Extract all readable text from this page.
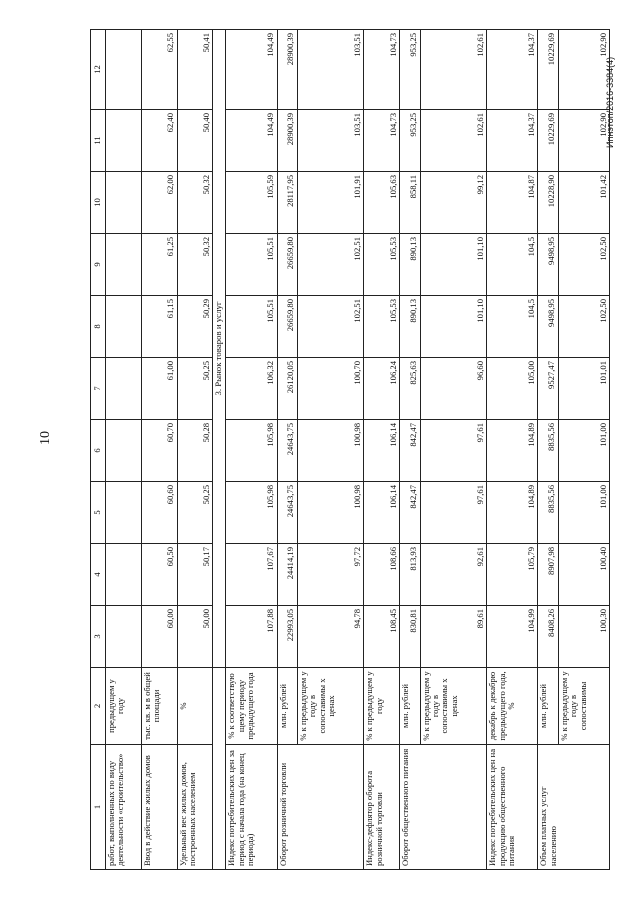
10
Ипнэтоп/2016-3384(4)
1	2	3	4	5	6	7	8	9	10	11	12
работ, выполненных по виду деятельности «строительство»	предыдущем у году										
Ввод в действие жилых домов	тыс. кв. м в общей площади	60,00	60,50	60,60	60,70	61,00	61,15	61,25	62,00	62,40	62,55
Удельный вес жилых домов, построенных населением	%	50,00	50,17	50,25	50,28	50,25	50,29	50,32	50,32	50,40	50,41
		3. Рынок товаров и услуг									
Индекс потребительских цен за период с начала года (на конец периода)	% к соответствую щему периоду предыдущего года	107,88	107,67	105,98	105,98	106,32	105,51	105,51	105,59	104,49	104,49
Оборот розничной торговли	млн. рублей	22993,05	24414,19	24643,75	24643,75	26120,05	26659,80	26659,80	28117,95	28900,39	28900,39
	% к предыдущем у году в сопоставимы х ценах	94,78	97,72	100,98	100,98	100,70	102,51	102,51	101,91	103,51	103,51
Индекс-дефлятор оборота розничной торговли	% к предыдущем у году	108,45	108,66	106,14	106,14	106,24	105,53	105,53	105,63	104,73	104,73
Оборот общественного питания	млн. рублей	830,81	813,93	842,47	842,47	825,63	890,13	890,13	858,11	953,25	953,25
	% к предыдущем у году в сопоставимы х ценах	89,61	92,61	97,61	97,61	96,60	101,10	101,10	99,12	102,61	102,61
Индекс потребительских цен на продукцию общественного питания	декабрь к декабрю предыдущего года, %	104,99	105,79	104,89	104,89	105,00	104,5	104,5	104,87	104,37	104,37
Объем платных услуг населению	млн. рублей	8408,26	8907,98	8835,56	8835,56	9527,47	9498,95	9498,95	10228,90	10229,69	10229,69
	% к предыдущем у году в сопоставимы	100,30	100,40	101,00	101,00	101,01	102,50	102,50	101,42	102,90	102,90
